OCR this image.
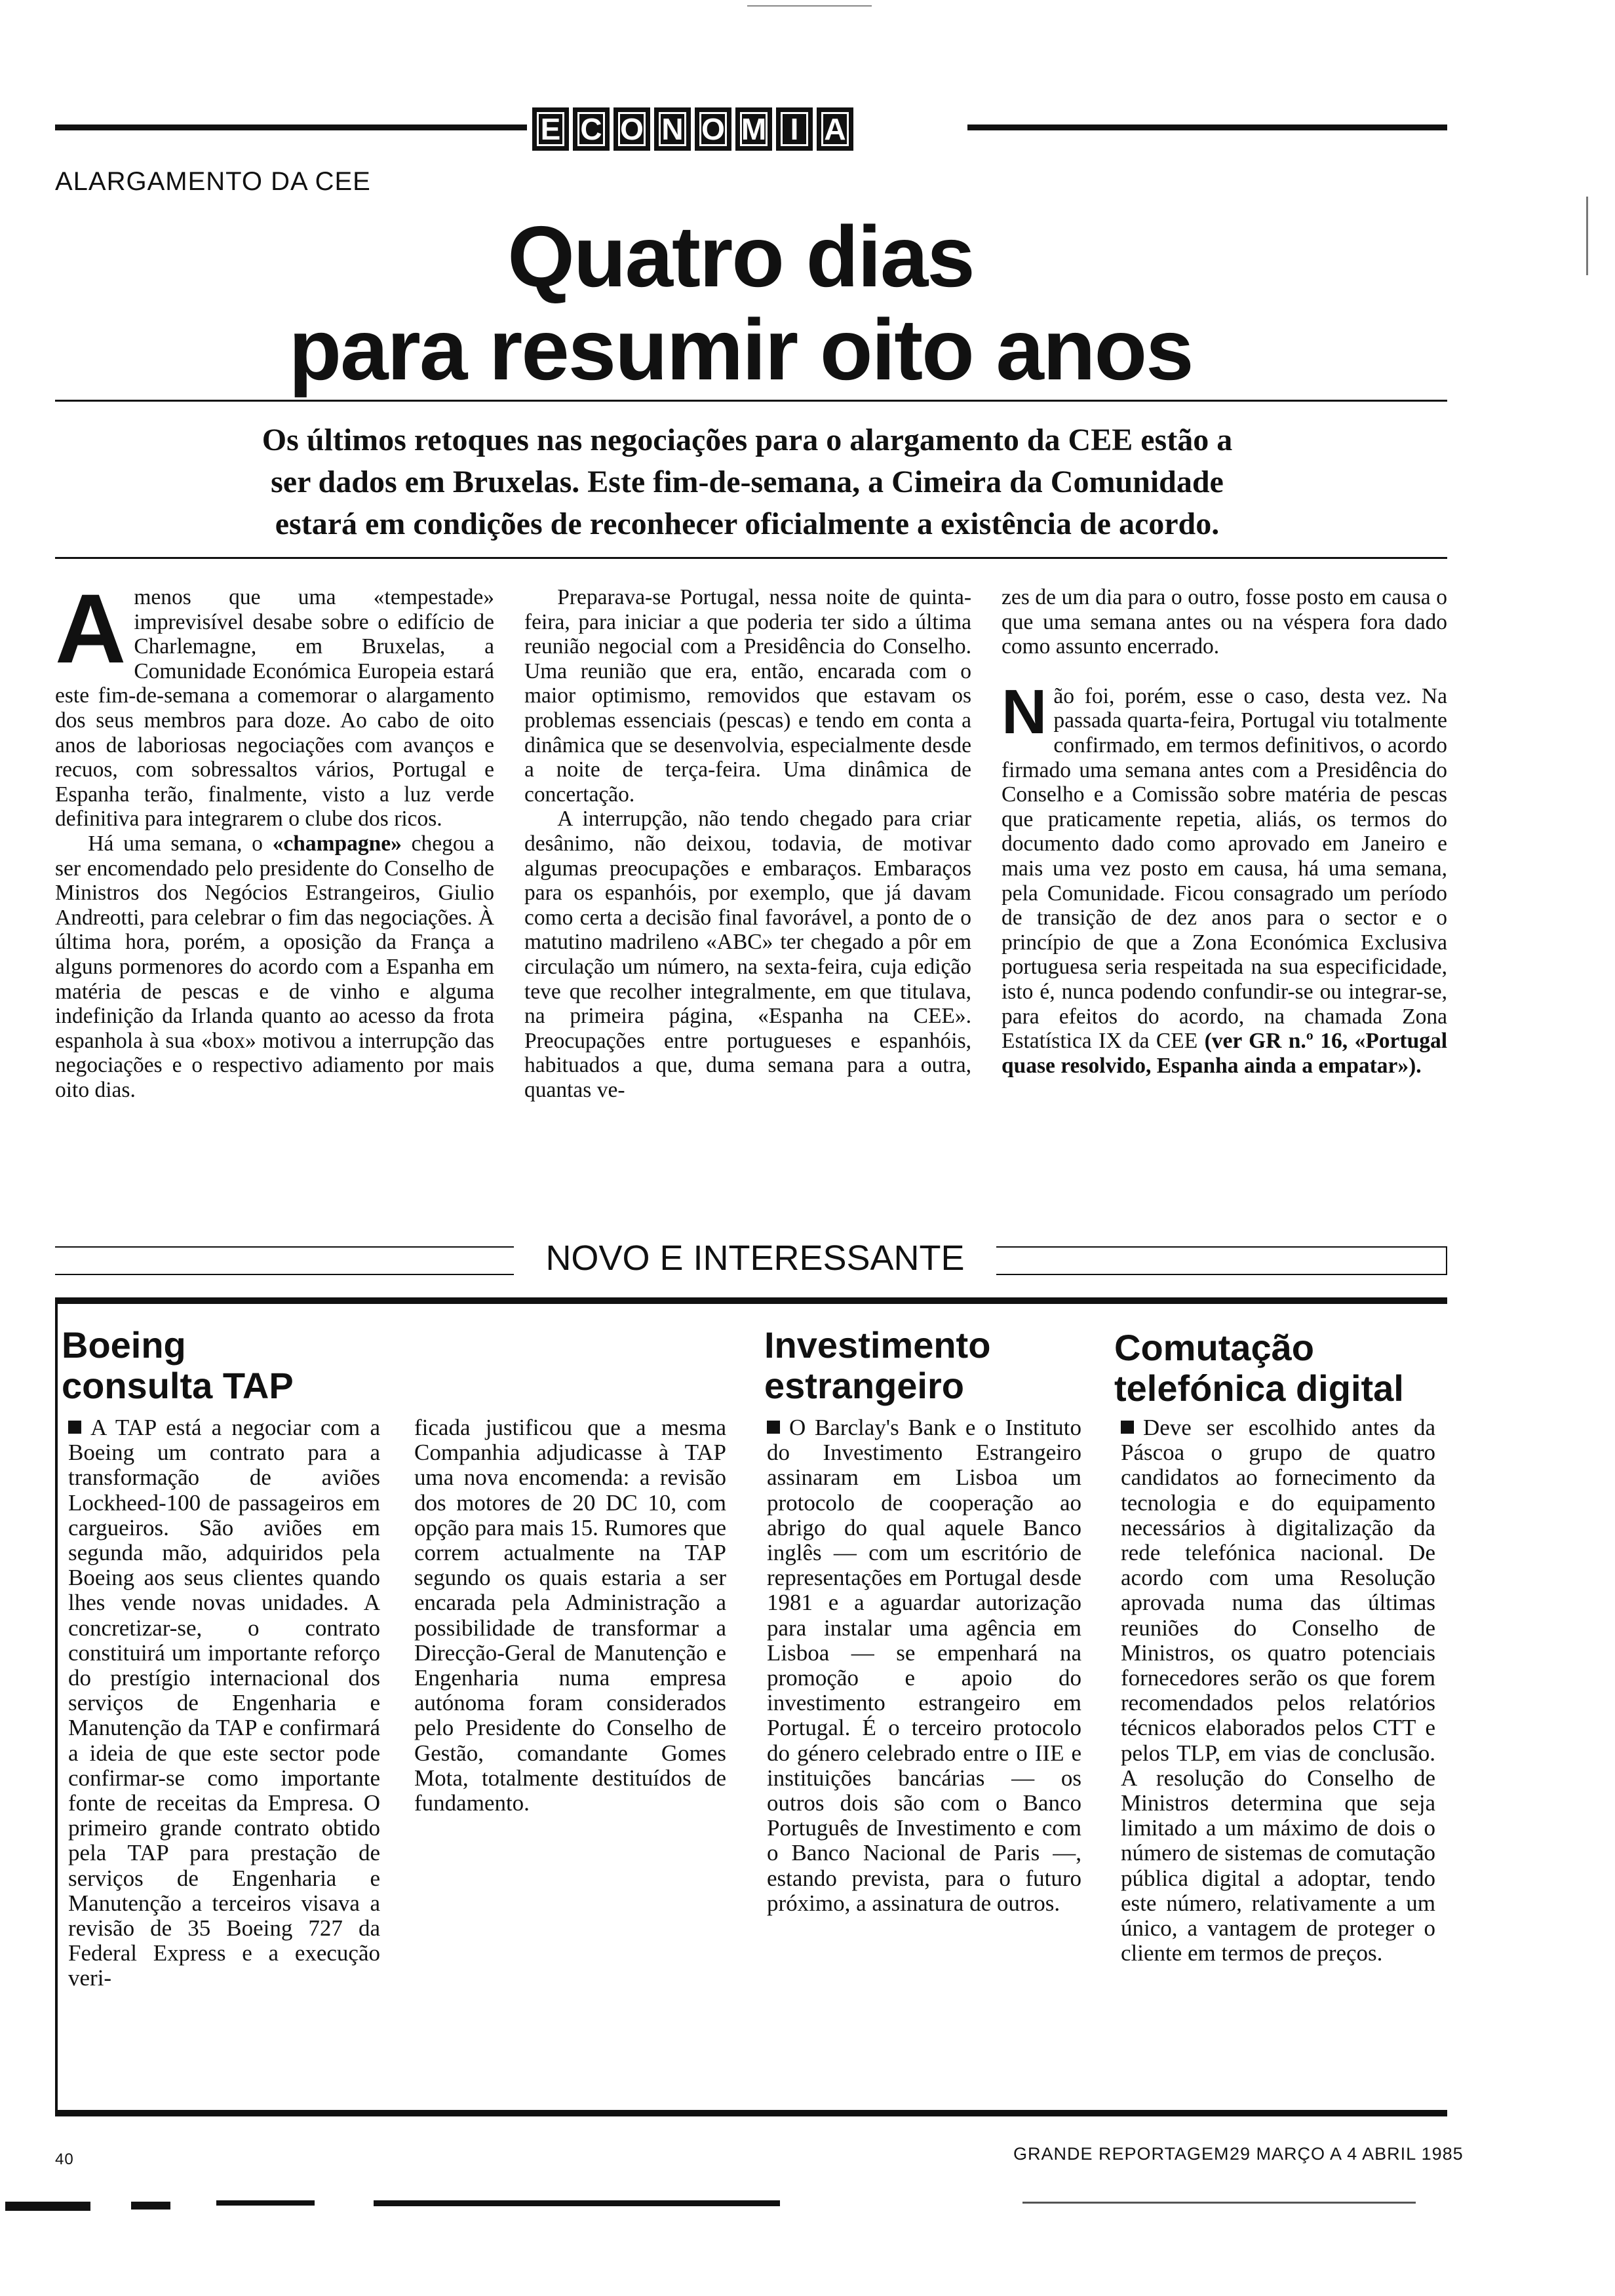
E C O N O M I A
ALARGAMENTO DA CEE
Quatro dias
para resumir oito anos
Os últimos retoques nas negociações para o alargamento da CEE estão a
ser dados em Bruxelas. Este fim-de-semana, a Cimeira da Comunidade
estará em condições de reconhecer oficialmente a existência de acordo.

Amenos que uma «tempestade» imprevisível desabe sobre o edifício de Charlemagne, em Bruxelas, a Comunidade Económica Europeia estará este fim-de-semana a comemorar o alargamento dos seus membros para doze. Ao cabo de oito anos de laboriosas negociações com avanços e recuos, com sobressaltos vários, Portugal e Espanha terão, finalmente, visto a luz verde definitiva para integrarem o clube dos ricos.

Há uma semana, o «champagne» chegou a ser encomendado pelo presidente do Conselho de Ministros dos Negócios Estrangeiros, Giulio Andreotti, para celebrar o fim das negociações. À última hora, porém, a oposição da França a alguns pormenores do acordo com a Espanha em matéria de pescas e de vinho e alguma indefinição da Irlanda quanto ao acesso da frota espanhola à sua «box» motivou a interrupção das negociações e o respectivo adiamento por mais oito dias.

Preparava-se Portugal, nessa noite de quinta-feira, para iniciar a que poderia ter sido a última reunião negocial com a Presidência do Conselho. Uma reunião que era, então, encarada com o maior optimismo, removidos que estavam os problemas essenciais (pescas) e tendo em conta a dinâmica que se desenvolvia, especialmente desde a noite de terça-feira. Uma dinâmica de concertação.

A interrupção, não tendo chegado para criar desânimo, não deixou, todavia, de motivar algumas preocupações e embaraços. Embaraços para os espanhóis, por exemplo, que já davam como certa a decisão final favorável, a ponto de o matutino madrileno «ABC» ter chegado a pôr em circulação um número, na sexta-feira, cuja edição teve que recolher integralmente, em que titulava, na primeira página, «Espanha na CEE». Preocupações entre portugueses e espanhóis, habituados a que, duma semana para a outra, quantas ve-

zes de um dia para o outro, fosse posto em causa o que uma semana antes ou na véspera fora dado como assunto encerrado.

Não foi, porém, esse o caso, desta vez. Na passada quarta-feira, Portugal viu totalmente confirmado, em termos definitivos, o acordo firmado uma semana antes com a Presidência do Conselho e a Comissão sobre matéria de pescas que praticamente repetia, aliás, os termos do documento dado como aprovado em Janeiro e mais uma vez posto em causa, há uma semana, pela Comunidade. Ficou consagrado um período de transição de dez anos para o sector e o princípio de que a Zona Económica Exclusiva portuguesa seria respeitada na sua especificidade, isto é, nunca podendo confundir-se ou integrar-se, para efeitos do acordo, na chamada Zona Estatística IX da CEE (ver GR n.º 16, «Portugal quase resolvido, Espanha ainda a empatar»).

NOVO E INTERESSANTE
Boeing
consulta TAP

A TAP está a negociar com a Boeing um contrato para a transformação de aviões Lockheed-100 de passageiros em cargueiros. São aviões em segunda mão, adquiridos pela Boeing aos seus clientes quando lhes vende novas unidades. A concretizar-se, o contrato constituirá um importante reforço do prestígio internacional dos serviços de Engenharia e Manutenção da TAP e confirmará a ideia de que este sector pode confirmar-se como importante fonte de receitas da Empresa. O primeiro grande contrato obtido pela TAP para prestação de serviços de Engenharia e Manutenção a terceiros visava a revisão de 35 Boeing 727 da Federal Express e a execução veri-

ficada justificou que a mesma Companhia adjudicasse à TAP uma nova encomenda: a revisão dos motores de 20 DC 10, com opção para mais 15. Rumores que correm actualmente na TAP segundo os quais estaria a ser encarada pela Administração a possibilidade de transformar a Direcção-Geral de Manutenção e Engenharia numa empresa autónoma foram considerados pelo Presidente do Conselho de Gestão, comandante Gomes Mota, totalmente destituídos de fundamento.

Investimento
estrangeiro

O Barclay's Bank e o Instituto do Investimento Estrangeiro assinaram em Lisboa um protocolo de cooperação ao abrigo do qual aquele Banco inglês — com um escritório de representações em Portugal desde 1981 e a aguardar autorização para instalar uma agência em Lisboa — se empenhará na promoção e apoio do investimento estrangeiro em Portugal. É o terceiro protocolo do género celebrado entre o IIE e instituições bancárias — os outros dois são com o Banco Português de Investimento e com o Banco Nacional de Paris —, estando prevista, para o futuro próximo, a assinatura de outros.

Comutação
telefónica digital

Deve ser escolhido antes da Páscoa o grupo de quatro candidatos ao fornecimento da tecnologia e do equipamento necessários à digitalização da rede telefónica nacional. De acordo com uma Resolução aprovada numa das últimas reuniões do Conselho de Ministros, os quatro potenciais fornecedores serão os que forem recomendados pelos relatórios técnicos elaborados pelos CTT e pelos TLP, em vias de conclusão. A resolução do Conselho de Ministros determina que seja limitado a um máximo de dois o número de sistemas de comutação pública digital a adoptar, tendo este número, relativamente a um único, a vantagem de proteger o cliente em termos de preços.

40	GRANDE REPORTAGEM 29 MARÇO A 4 ABRIL 1985
